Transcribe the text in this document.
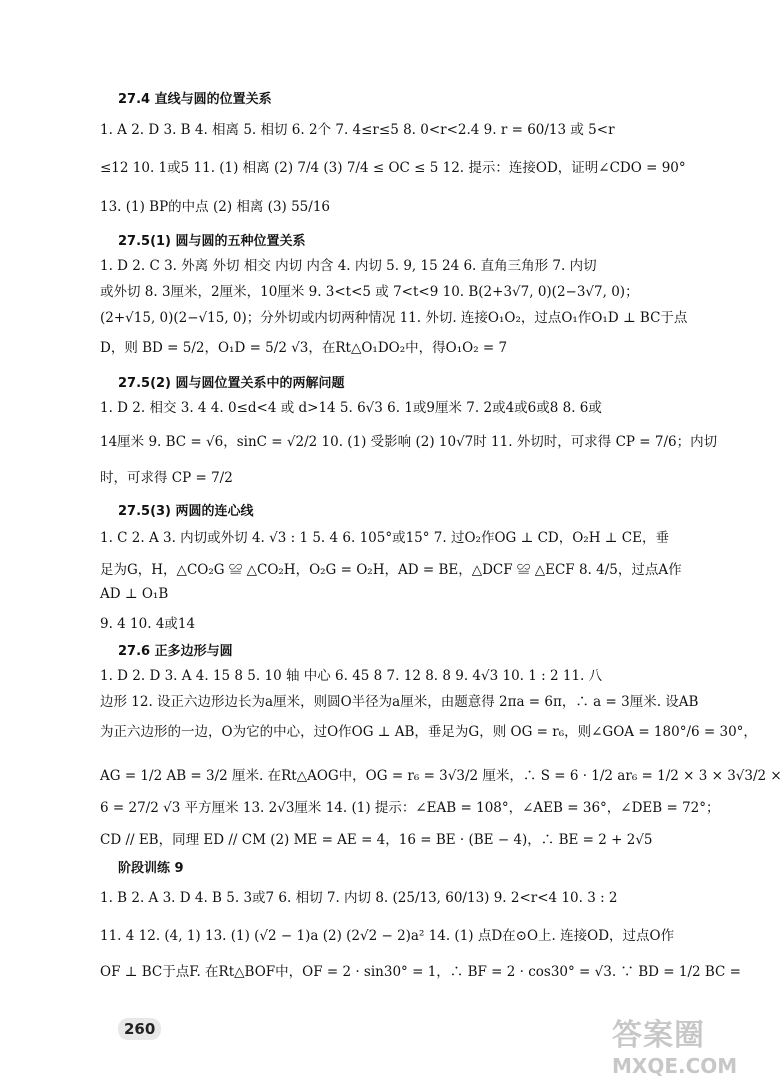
27.4 直线与圆的位置关系
1. A 2. D 3. B 4. 相离 5. 相切 6. 2个 7. 4≤r≤5 8. 0<r<2.4 9. r = 60/13 或 5<r
≤12 10. 1或5 11. (1) 相离 (2) 7/4 (3) 7/4 ≤ OC ≤ 5 12. 提示：连接OD，证明∠CDO = 90°
13. (1) BP的中点 (2) 相离 (3) 55/16
27.5(1) 圆与圆的五种位置关系
1. D 2. C 3. 外离 外切 相交 内切 内含 4. 内切 5. 9, 15 24 6. 直角三角形 7. 内切
或外切 8. 3厘米，2厘米，10厘米 9. 3<t<5 或 7<t<9 10. B(2+3√7, 0)(2−3√7, 0)；
(2+√15, 0)(2−√15, 0)；分外切或内切两种情况 11. 外切. 连接O₁O₂，过点O₁作O₁D ⊥ BC于点
D，则 BD = 5/2，O₁D = 5/2 √3，在Rt△O₁DO₂中，得O₁O₂ = 7
27.5(2) 圆与圆位置关系中的两解问题
1. D 2. 相交 3. 4 4. 0≤d<4 或 d>14 5. 6√3 6. 1或9厘米 7. 2或4或6或8 8. 6或
14厘米 9. BC = √6，sinC = √2/2 10. (1) 受影响 (2) 10√7时 11. 外切时，可求得 CP = 7/6；内切
时，可求得 CP = 7/2
27.5(3) 两圆的连心线
1. C 2. A 3. 内切或外切 4. √3 : 1 5. 4 6. 105°或15° 7. 过O₂作OG ⊥ CD，O₂H ⊥ CE，垂
足为G，H，△CO₂G ≌ △CO₂H，O₂G = O₂H，AD = BE，△DCF ≌ △ECF 8. 4/5，过点A作
AD ⊥ O₁B
9. 4 10. 4或14
27.6 正多边形与圆
1. D 2. D 3. A 4. 15 8 5. 10 轴 中心 6. 45 8 7. 12 8. 8 9. 4√3 10. 1 : 2 11. 八
边形 12. 设正六边形边长为a厘米，则圆O半径为a厘米，由题意得 2πa = 6π，∴ a = 3厘米. 设AB
为正六边形的一边，O为它的中心，过O作OG ⊥ AB，垂足为G，则 OG = r₆，则∠GOA = 180°/6 = 30°，
AG = 1/2 AB = 3/2 厘米. 在Rt△AOG中，OG = r₆ = 3√3/2 厘米，∴ S = 6 · 1/2 ar₆ = 1/2 × 3 × 3√3/2 ×
6 = 27/2 √3 平方厘米 13. 2√3厘米 14. (1) 提示：∠EAB = 108°，∠AEB = 36°，∠DEB = 72°；
CD // EB，同理 ED // CM (2) ME = AE = 4，16 = BE · (BE − 4)，∴ BE = 2 + 2√5
阶段训练 9
1. B 2. A 3. D 4. B 5. 3或7 6. 相切 7. 内切 8. (25/13, 60/13) 9. 2<r<4 10. 3 : 2
11. 4 12. (4, 1) 13. (1) (√2 − 1)a (2) (2√2 − 2)a² 14. (1) 点D在⊙O上. 连接OD，过点O作
OF ⊥ BC于点F. 在Rt△BOF中，OF = 2 · sin30° = 1，∴ BF = 2 · cos30° = √3. ∵ BD = 1/2 BC =
260	答案圈
MXQE.COM
